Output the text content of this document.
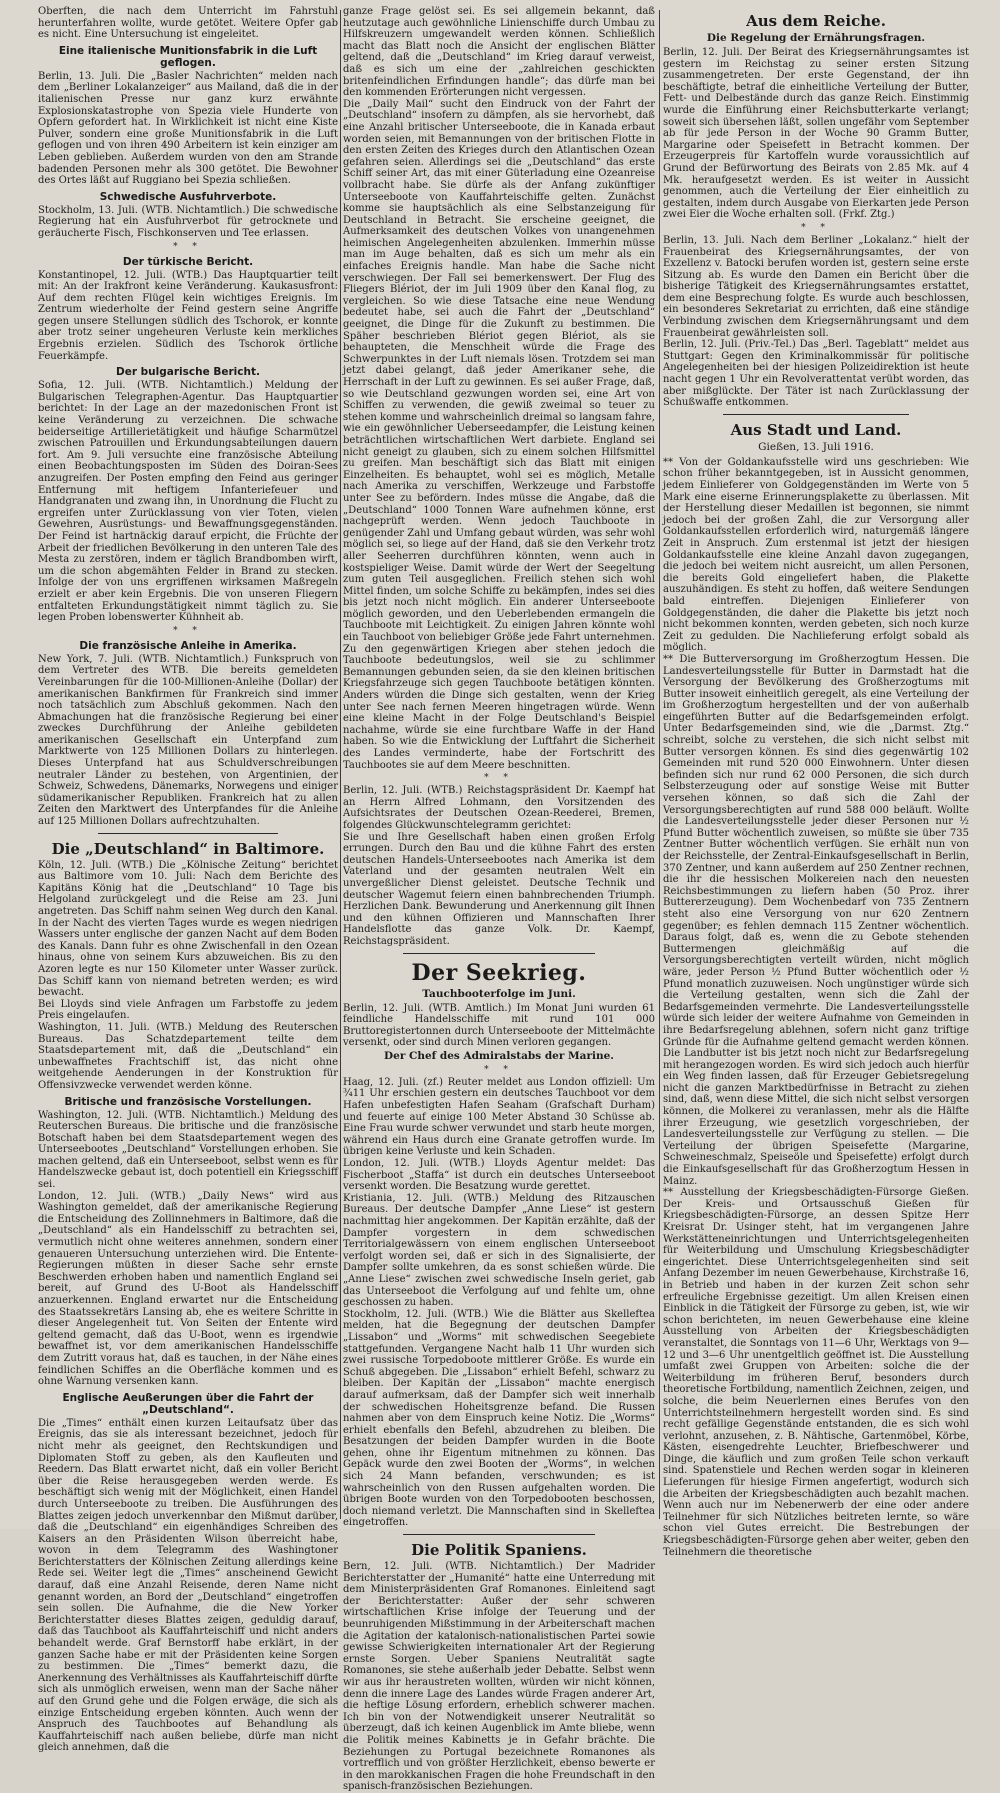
Oberften, die nach dem Unterricht im Fahrstuhl herunterfahren wollte, wurde getötet. Weitere Opfer gab es nicht. Eine Untersuchung ist eingeleitet.
Eine italienische Munitionsfabrik in die Luft geflogen.
Berlin, 13. Juli. Die „Basler Nachrichten“ melden nach dem „Berliner Lokalanzeiger“ aus Mailand, daß die in der italienischen Presse nur ganz kurz erwähnte Explosionskatastrophe von Spezia viele Hunderte von Opfern gefordert hat. In Wirklichkeit ist nicht eine Kiste Pulver, sondern eine große Munitionsfabrik in die Luft geflogen und von ihren 490 Arbeitern ist kein einziger am Leben geblieben. Außerdem wurden von den am Strande badenden Personen mehr als 300 getötet. Die Bewohner des Ortes läßt auf Ruggiano bei Spezia schließen.
Schwedische Ausfuhrverbote.
Stockholm, 13. Juli. (WTB. Nichtamtlich.) Die schwedische Regierung hat ein Ausfuhrverbot für getrocknete und geräucherte Fisch, Fischkonserven und Tee erlassen.
* *
Der türkische Bericht.
Konstantinopel, 12. Juli. (WTB.) Das Hauptquartier teilt mit: An der Irakfront keine Veränderung. Kaukasusfront: Auf dem rechten Flügel kein wichtiges Ereignis. Im Zentrum wiederholte der Feind gestern seine Angriffe gegen unsere Stellungen südlich des Tschorok, er konnte aber trotz seiner ungeheuren Verluste kein merkliches Ergebnis erzielen. Südlich des Tschorok örtliche Feuerkämpfe.
Der bulgarische Bericht.
Sofia, 12. Juli. (WTB. Nichtamtlich.) Meldung der Bulgarischen Telegraphen-Agentur. Das Hauptquartier berichtet: In der Lage an der mazedonischen Front ist keine Veränderung zu verzeichnen. Die schwache beiderseitige Artillerietätigkeit und häufige Scharmützel zwischen Patrouillen und Erkundungsabteilungen dauern fort. Am 9. Juli versuchte eine französische Abteilung einen Beobachtungsposten im Süden des Doiran-Sees anzugreifen. Der Posten empfing den Feind aus geringer Entfernung mit heftigem Infanteriefeuer und Handgranaten und zwang ihn, in Unordnung die Flucht zu ergreifen unter Zurücklassung von vier Toten, vielen Gewehren, Ausrüstungs- und Bewaffnungsgegenständen. Der Feind ist hartnäckig darauf erpicht, die Früchte der Arbeit der friedlichen Bevölkerung in den unteren Tale des Mesta zu zerstören, indem er täglich Brandbomben wirft, um die schon abgemähten Felder in Brand zu stecken. Infolge der von uns ergriffenen wirksamen Maßregeln erzielt er aber kein Ergebnis. Die von unseren Fliegern entfalteten Erkundungstätigkeit nimmt täglich zu. Sie legen Proben lobenswerter Kühnheit ab.
* *
Die französische Anleihe in Amerika.
New York, 7. Juli. (WTB. Nichtamtlich.) Funkspruch von dem Vertreter des WTB. Die bereits gemeldeten Vereinbarungen für die 100-Millionen-Anleihe (Dollar) der amerikanischen Bankfirmen für Frankreich sind immer noch tatsächlich zum Abschluß gekommen. Nach den Abmachungen hat die französische Regierung bei einer zweckes Durchführung der Anleihe gebildeten amerikanischen Gesellschaft ein Unterpfand zum Marktwerte von 125 Millionen Dollars zu hinterlegen. Dieses Unterpfand hat aus Schuldverschreibungen neutraler Länder zu bestehen, von Argentinien, der Schweiz, Schwedens, Dänemarks, Norwegens und einiger südamerikanischer Republiken. Frankreich hat zu allen Zeiten den Marktwert des Unterpfandes für die Anleihe auf 125 Millionen Dollars aufrechtzuhalten.
Die „Deutschland“ in Baltimore.
Köln, 12. Juli. (WTB.) Die „Kölnische Zeitung“ berichtet aus Baltimore vom 10. Juli: Nach dem Berichte des Kapitäns König hat die „Deutschland“ 10 Tage bis Helgoland zurückgelegt und die Reise am 23. Juni angetreten. Das Schiff nahm seinen Weg durch den Kanal. In der Nacht des vierten Tages wurde es wegen niedrigen Wassers unter englische der ganzen Nacht auf dem Boden des Kanals. Dann fuhr es ohne Zwischenfall in den Ozean hinaus, ohne von seinem Kurs abzuweichen. Bis zu den Azoren legte es nur 150 Kilometer unter Wasser zurück. Das Schiff kann von niemand betreten werden; es wird bewacht.
Bei Lloyds sind viele Anfragen um Farbstoffe zu jedem Preis eingelaufen.
Washington, 11. Juli. (WTB.) Meldung des Reuterschen Bureaus. Das Schatzdepartement teilte dem Staatsdepartement mit, daß die „Deutschland“ ein unbewaffnetes Frachtschiff ist, das nicht ohne weitgehende Aenderungen in der Konstruktion für Offensivzwecke verwendet werden könne.
Britische und französische Vorstellungen.
Washington, 12. Juli. (WTB. Nichtamtlich.) Meldung des Reuterschen Bureaus. Die britische und die französische Botschaft haben bei dem Staatsdepartement wegen des Unterseebootes „Deutschland“ Vorstellungen erhoben. Sie machen geltend, daß ein Unterseeboot, selbst wenn es für Handelszwecke gebaut ist, doch potentiell ein Kriegsschiff sei.
London, 12. Juli. (WTB.) „Daily News“ wird aus Washington gemeldet, daß der amerikanische Regierung die Entscheidung des Zollinnehmers in Baltimore, daß die „Deutschland“ als ein Handelsschiff zu betrachten sei, vermutlich nicht ohne weiteres annehmen, sondern einer genaueren Untersuchung unterziehen wird. Die Entente-Regierungen müßten in dieser Sache sehr ernste Beschwerden erhoben haben und namentlich England sei bereit, auf Grund des U-Boot als Handelsschiff anzuerkennen. England erwartet nur die Entscheidung des Staatssekretärs Lansing ab, ehe es weitere Schritte in dieser Angelegenheit tut. Von Seiten der Entente wird geltend gemacht, daß das U-Boot, wenn es irgendwie bewaffnet ist, vor dem amerikanischen Handelsschiffe dem Zutritt voraus hat, daß es tauchen, in der Nähe eines feindlichen Schiffes an die Oberfläche kommen und es ohne Warnung versenken kann.
Englische Aeußerungen über die Fahrt der „Deutschland“.
Die „Times“ enthält einen kurzen Leitaufsatz über das Ereignis, das sie als interessant bezeichnet, jedoch für nicht mehr als geeignet, den Rechtskundigen und Diplomaten Stoff zu geben, als den Kaufleuten und Reedern. Das Blatt erwartet nicht, daß ein voller Bericht über die Reise herausgegeben werden werde. Es beschäftigt sich wenig mit der Möglichkeit, einen Handel durch Unterseeboote zu treiben. Die Ausführungen des Blattes zeigen jedoch unverkennbar den Mißmut darüber, daß die „Deutschland“ ein eigenhändiges Schreiben des Kaisers an den Präsidenten Wilson überreicht habe, wovon in dem Telegramm des Washingtoner Berichterstatters der Kölnischen Zeitung allerdings keine Rede sei. Weiter legt die „Times“ anscheinend Gewicht darauf, daß eine Anzahl Reisende, deren Name nicht genannt worden, an Bord der „Deutschland“ eingetroffen sein sollen. Die Aufnahme, die die New Yorker Berichterstatter dieses Blattes zeigen, geduldig darauf, daß das Tauchboot als Kauffahrteischiff und nicht anders behandelt werde. Graf Bernstorff habe erklärt, in der ganzen Sache habe er mit der Präsidenten keine Sorgen zu bestimmen. Die „Times“ bemerkt dazu, die Anerkennung des Verhältnisses als Kauffahrteischiff dürfte sich als unmöglich erweisen, wenn man der Sache näher auf den Grund gehe und die Folgen erwäge, die sich als einzige Entscheidung ergeben könnten. Auch wenn der Anspruch des Tauchbootes auf Behandlung als Kauffahrteischiff nach außen beliebe, dürfe man nicht gleich annehmen, daß die
ganze Frage gelöst sei. Es sei allgemein bekannt, daß heutzutage auch gewöhnliche Linienschiffe durch Umbau zu Hilfskreuzern umgewandelt werden können. Schließlich macht das Blatt noch die Ansicht der englischen Blätter geltend, daß die „Deutschland“ im Krieg darauf verweist, daß es sich um eine der „zahlreichen geschickten britenfeindlichen Erfindungen handle“; das dürfe man bei den kommenden Erörterungen nicht vergessen.
Die „Daily Mail“ sucht den Eindruck von der Fahrt der „Deutschland“ insofern zu dämpfen, als sie hervorhebt, daß eine Anzahl britischer Unterseeboote, die in Kanada erbaut worden seien, mit Bemannungen von der britischen Flotte in den ersten Zeiten des Krieges durch den Atlantischen Ozean gefahren seien. Allerdings sei die „Deutschland“ das erste Schiff seiner Art, das mit einer Güterladung eine Ozeanreise vollbracht habe. Sie dürfe als der Anfang zukünftiger Unterseeboote von Kauffahrteischiffe gelten. Zunächst komme sie hauptsächlich als eine Selbstanzeigung für Deutschland in Betracht. Sie erscheine geeignet, die Aufmerksamkeit des deutschen Volkes von unangenehmen heimischen Angelegenheiten abzulenken. Immerhin müsse man im Auge behalten, daß es sich um mehr als ein einfaches Ereignis handle. Man habe die Sache nicht verschwiegen. Der Fall sei bemerkenswert. Der Flug des Fliegers Blériot, der im Juli 1909 über den Kanal flog, zu vergleichen. So wie diese Tatsache eine neue Wendung bedeutet habe, sei auch die Fahrt der „Deutschland“ geeignet, die Dinge für die Zukunft zu bestimmen. Die Späher beschrieben Blériot gegen Blériot, als sie behaupteten, die Menschheit würde die Frage des Schwerpunktes in der Luft niemals lösen. Trotzdem sei man jetzt dabei gelangt, daß jeder Amerikaner sehe, die Herrschaft in der Luft zu gewinnen. Es sei außer Frage, daß, so wie Deutschland gezwungen worden sei, eine Art von Schiffen zu verwenden, die gewiß zweimal so teuer zu stehen komme und wahrscheinlich dreimal so langsam fahre, wie ein gewöhnlicher Ueberseedampfer, die Leistung keinen beträchtlichen wirtschaftlichen Wert darbiete. England sei nicht geneigt zu glauben, sich zu einem solchen Hilfsmittel zu greifen. Man beschäftigt sich das Blatt mit einigen Einzelheiten. Es behauptet, wohl sei es möglich, Metalle nach Amerika zu verschiffen, Werkzeuge und Farbstoffe unter See zu befördern. Indes müsse die Angabe, daß die „Deutschland“ 1000 Tonnen Ware aufnehmen könne, erst nachgeprüft werden. Wenn jedoch Tauchboote in genügender Zahl und Umfang gebaut würden, was sehr wohl möglich sei, so liege auf der Hand, daß sie den Verkehr trotz aller Seeherren durchführen könnten, wenn auch in kostspieliger Weise. Damit würde der Wert der Seegeltung zum guten Teil ausgeglichen. Freilich stehen sich wohl Mittel finden, um solche Schiffe zu bekämpfen, indes sei dies bis jetzt noch nicht möglich. Ein anderer Unterseeboote möglich geworden, und den Ueberlebenden ermangeln die Tauchboote mit Leichtigkeit. Zu einigen Jahren könnte wohl ein Tauchboot von beliebiger Größe jede Fahrt unternehmen. Zu den gegenwärtigen Kriegen aber stehen jedoch die Tauchboote bedeutungslos, weil sie zu schlimmer Bemannungen gebunden seien, da sie den kleinen britischen Kriegsfahrzeuge sich gegen Tauchboote betätigen könnten. Anders würden die Dinge sich gestalten, wenn der Krieg unter See nach fernen Meeren hingetragen würde. Wenn eine kleine Macht in der Folge Deutschland's Beispiel nachahme, würde sie eine furchtbare Waffe in der Hand haben. So wie die Entwicklung der Luftfahrt die Sicherheit des Landes verminderte, habe der Fortschritt des Tauchbootes sie auf dem Meere beschnitten.
* *
Berlin, 12. Juli. (WTB.) Reichstagspräsident Dr. Kaempf hat an Herrn Alfred Lohmann, den Vorsitzenden des Aufsichtsrates der Deutschen Ozean-Reederei, Bremen, folgendes Glückwunschtelegramm gerichtet:
Sie und Ihre Gesellschaft haben einen großen Erfolg errungen. Durch den Bau und die kühne Fahrt des ersten deutschen Handels-Unterseebootes nach Amerika ist dem Vaterland und der gesamten neutralen Welt ein unvergeßlicher Dienst geleistet. Deutsche Technik und deutscher Wagemut feiern einen bahnbrechenden Triumph. Herzlichen Dank. Bewunderung und Anerkennung gilt Ihnen und den kühnen Offizieren und Mannschaften Ihrer Handelsflotte das ganze Volk. Dr. Kaempf, Reichstagspräsident.
Der Seekrieg.
Tauchbooterfolge im Juni.
Berlin, 12. Juli. (WTB. Amtlich.) Im Monat Juni wurden 61 feindliche Handelsschiffe mit rund 101 000 Bruttoregistertonnen durch Unterseeboote der Mittelmächte versenkt, oder sind durch Minen verloren gegangen.
Der Chef des Admiralstabs der Marine.
* *
Haag, 12. Juli. (zf.) Reuter meldet aus London offiziell: Um ¾11 Uhr erschien gestern ein deutsches Tauchboot vor dem Hafen unbefestigten Hafen Seaham (Grafschaft Durham) und feuerte auf einige 100 Meter Abstand 30 Schüsse ab. Eine Frau wurde schwer verwundet und starb heute morgen, während ein Haus durch eine Granate getroffen wurde. Im übrigen keine Verluste und kein Schaden.
London, 12. Juli. (WTB.) Lloyds Agentur meldet: Das Fischerboot „Staffa“ ist durch ein deutsches Unterseeboot versenkt worden. Die Besatzung wurde gerettet.
Kristiania, 12. Juli. (WTB.) Meldung des Ritzauschen Bureaus. Der deutsche Dampfer „Anne Liese“ ist gestern nachmittag hier angekommen. Der Kapitän erzählte, daß der Dampfer vorgestern in dem schwedischen Territorialgewässern von einem englischen Unterseeboot verfolgt worden sei, daß er sich in des Signalisierte, der Dampfer sollte umkehren, da es sonst schießen würde. Die „Anne Liese“ zwischen zwei schwedische Inseln geriet, gab das Unterseeboot die Verfolgung auf und fehlte um, ohne geschossen zu haben.
Stockholm, 12. Juli. (WTB.) Wie die Blätter aus Skelleftea melden, hat die Begegnung der deutschen Dampfer „Lissabon“ und „Worms“ mit schwedischen Seegebiete stattgefunden. Vergangene Nacht halb 11 Uhr wurden sich zwei russische Torpedoboote mittlerer Größe. Es wurde ein Schuß abgegeben. Die „Lissabon“ erhielt Befehl, schwarz zu bleiben. Der Kapitän der „Lissabon“ machte energisch darauf aufmerksam, daß der Dampfer sich weit innerhalb der schwedischen Hoheitsgrenze befand. Die Russen nahmen aber von dem Einspruch keine Notiz. Die „Worms“ erhielt ebenfalls den Befehl, abzudrehen zu bleiben. Die Besatzungen der beiden Dampfer wurden in die Boote gehen, ohne ihr Eigentum mitnehmen zu können. Das Gepäck wurde den zwei Booten der „Worms“, in welchen sich 24 Mann befanden, verschwunden; es ist wahrscheinlich von den Russen aufgehalten worden. Die übrigen Boote wurden von den Torpedobooten beschossen, doch niemand verletzt. Die Mannschaften sind in Skelleftea eingetroffen.
Die Politik Spaniens.
Bern, 12. Juli. (WTB. Nichtamtlich.) Der Madrider Berichterstatter der „Humanité“ hatte eine Unterredung mit dem Ministerpräsidenten Graf Romanones. Einleitend sagt der Berichterstatter: Außer der sehr schweren wirtschaftlichen Krise infolge der Teuerung und der beunruhigenden Mißstimmung in der Arbeiterschaft machen die Agitation der katalonisch-nationalistischen Partei sowie gewisse Schwierigkeiten internationaler Art der Regierung ernste Sorgen. Ueber Spaniens Neutralität sagte Romanones, sie stehe außerhalb jeder Debatte. Selbst wenn wir aus ihr heraustreten wollten, würden wir nicht können, denn die innere Lage des Landes würde Fragen anderer Art, die heftige Lösung erfordern, erheblich schwerer machen. Ich bin von der Notwendigkeit unserer Neutralität so überzeugt, daß ich keinen Augenblick im Amte bliebe, wenn die Politik meines Kabinetts je in Gefahr brächte. Die Beziehungen zu Portugal bezeichnete Romanones als vortrefflich und von größter Herzlichkeit, ebenso bewerte er in den marokkanischen Fragen die hohe Freundschaft in den spanisch-französischen Beziehungen.
Aus dem Reiche.
Die Regelung der Ernährungsfragen.
Berlin, 12. Juli. Der Beirat des Kriegsernährungsamtes ist gestern im Reichstag zu seiner ersten Sitzung zusammengetreten. Der erste Gegenstand, der ihn beschäftigte, betraf die einheitliche Verteilung der Butter, Fett- und Delbestände durch das ganze Reich. Einstimmig wurde die Einführung einer Reichsbutterkarte verlangt; soweit sich übersehen läßt, sollen ungefähr vom September ab für jede Person in der Woche 90 Gramm Butter, Margarine oder Speisefett in Betracht kommen. Der Erzeugerpreis für Kartoffeln wurde voraussichtlich auf Grund der Befürwortung des Beirats von 2.85 Mk. auf 4 Mk. heraufgesetzt werden. Es ist weiter in Aussicht genommen, auch die Verteilung der Eier einheitlich zu gestalten, indem durch Ausgabe von Eierkarten jede Person zwei Eier die Woche erhalten soll. (Frkf. Ztg.)
* *
Berlin, 13. Juli. Nach dem Berliner „Lokalanz.“ hielt der Frauenbeirat des Kriegsernährungsamtes, der von Exzellenz v. Batocki berufen worden ist, gestern seine erste Sitzung ab. Es wurde den Damen ein Bericht über die bisherige Tätigkeit des Kriegsernährungsamtes erstattet, dem eine Besprechung folgte. Es wurde auch beschlossen, ein besonderes Sekretariat zu errichten, daß eine ständige Verbindung zwischen dem Kriegsernährungsamt und dem Frauenbeirat gewährleisten soll.
Berlin, 12. Juli. (Priv.-Tel.) Das „Berl. Tageblatt“ meldet aus Stuttgart: Gegen den Kriminalkommissär für politische Angelegenheiten bei der hiesigen Polizeidirektion ist heute nacht gegen 1 Uhr ein Revolverattentat verübt worden, das aber mißglückte. Der Täter ist nach Zurücklassung der Schußwaffe entkommen.
Aus Stadt und Land.
Gießen, 13. Juli 1916.
** Von der Goldankaufsstelle wird uns geschrieben: Wie schon früher bekanntgegeben, ist in Aussicht genommen, jedem Einlieferer von Goldgegenständen im Werte von 5 Mark eine eiserne Erinnerungsplakette zu überlassen. Mit der Herstellung dieser Medaillen ist begonnen, sie nimmt jedoch bei der großen Zahl, die zur Versorgung aller Goldankaufsstellen erforderlich wird, naturgemäß längere Zeit in Anspruch. Zum erstenmal ist jetzt der hiesigen Goldankaufsstelle eine kleine Anzahl davon zugegangen, die jedoch bei weitem nicht ausreicht, um allen Personen, die bereits Gold eingeliefert haben, die Plakette auszuhändigen. Es steht zu hoffen, daß weitere Sendungen bald eintreffen. Diejenigen Einlieferer von Goldgegenständen, die daher die Plakette bis jetzt noch nicht bekommen konnten, werden gebeten, sich noch kurze Zeit zu gedulden. Die Nachlieferung erfolgt sobald als möglich.
** Die Butterversorgung im Großherzogtum Hessen. Die Landesverteilungsstelle für Butter in Darmstadt hat die Versorgung der Bevölkerung des Großherzogtums mit Butter insoweit einheitlich geregelt, als eine Verteilung der im Großherzogtum hergestellten und der von außerhalb eingeführten Butter auf die Bedarfsgemeinden erfolgt. Unter Bedarfsgemeinden sind, wie die „Darmst. Ztg.“ schreibt, solche zu verstehen, die sich nicht selbst mit Butter versorgen können. Es sind dies gegenwärtig 102 Gemeinden mit rund 520 000 Einwohnern. Unter diesen befinden sich nur rund 62 000 Personen, die sich durch Selbsterzeugung oder auf sonstige Weise mit Butter versehen können, so daß sich die Zahl der Versorgungsberechtigten auf rund 588 000 beläuft. Wollte die Landesverteilungsstelle jeder dieser Personen nur ½ Pfund Butter wöchentlich zuweisen, so müßte sie über 735 Zentner Butter wöchentlich verfügen. Sie erhält nun von der Reichsstelle, der Zentral-Einkaufsgesellschaft in Berlin, 370 Zentner, und kann außerdem auf 250 Zentner rechnen, die ihr die hessischen Molkereien nach den neuesten Reichsbestimmungen zu liefern haben (50 Proz. ihrer Buttererzeugung). Dem Wochenbedarf von 735 Zentnern steht also eine Versorgung von nur 620 Zentnern gegenüber; es fehlen demnach 115 Zentner wöchentlich. Daraus folgt, daß es, wenn die zu Gebote stehenden Buttermengen gleichmäßig auf die Versorgungsberechtigten verteilt würden, nicht möglich wäre, jeder Person ½ Pfund Butter wöchentlich oder ½ Pfund monatlich zuzuweisen. Noch ungünstiger würde sich die Verteilung gestalten, wenn sich die Zahl der Bedarfsgemeinden vermehrte. Die Landesverteilungsstelle würde sich leider der weitere Aufnahme von Gemeinden in ihre Bedarfsregelung ablehnen, sofern nicht ganz triftige Gründe für die Aufnahme geltend gemacht werden können. Die Landbutter ist bis jetzt noch nicht zur Bedarfsregelung mit herangezogen worden. Es wird sich jedoch auch hierfür ein Weg finden lassen, daß für Erzeuger Gebietsregelung nicht die ganzen Marktbedürfnisse in Betracht zu ziehen sind, daß, wenn diese Mittel, die sich nicht selbst versorgen können, die Molkerei zu veranlassen, mehr als die Hälfte ihrer Erzeugung, wie gesetzlich vorgeschrieben, der Landesverteilungsstelle zur Verfügung zu stellen. — Die Verteilung der übrigen Speisefette (Margarine, Schweineschmalz, Speiseöle und Speisefette) erfolgt durch die Einkaufsgesellschaft für das Großherzogtum Hessen in Mainz.
** Ausstellung der Kriegsbeschädigten-Fürsorge Gießen. Der Kreis- und Ortsausschuß Gießen für Kriegsbeschädigten-Fürsorge, an dessen Spitze Herr Kreisrat Dr. Usinger steht, hat im vergangenen Jahre Werkstätteneinrichtungen und Unterrichtsgelegenheiten für Weiterbildung und Umschulung Kriegsbeschädigter eingerichtet. Diese Unterrichtsgelegenheiten sind seit Anfang Dezember im neuen Gewerbehause, Kirchstraße 16, in Betrieb und haben in der kurzen Zeit schon sehr erfreuliche Ergebnisse gezeitigt. Um allen Kreisen einen Einblick in die Tätigkeit der Fürsorge zu geben, ist, wie wir schon berichteten, im neuen Gewerbehause eine kleine Ausstellung von Arbeiten der Kriegsbeschädigten veranstaltet, die Sonntags von 11—6 Uhr, Werktags von 9—12 und 3—6 Uhr unentgeltlich geöffnet ist. Die Ausstellung umfaßt zwei Gruppen von Arbeiten: solche die der Weiterbildung im früheren Beruf, besonders durch theoretische Fortbildung, namentlich Zeichnen, zeigen, und solche, die beim Neuerlernen eines Berufes von den Unterrichtsteilnehmern hergestellt worden sind. Es sind recht gefällige Gegenstände entstanden, die es sich wohl verlohnt, anzusehen, z. B. Nähtische, Gartenmöbel, Körbe, Kästen, eisengedrehte Leuchter, Briefbeschwerer und Dinge, die käuflich und zum großen Teile schon verkauft sind. Spatenstiele und Rechen werden sogar in kleineren Lieferungen für hiesige Firmen angefertigt, wodurch sich die Arbeiten der Kriegsbeschädigten auch bezahlt machen. Wenn auch nur im Nebenerwerb der eine oder andere Teilnehmer für sich Nützliches beitreten lernte, so wäre schon viel Gutes erreicht. Die Bestrebungen der Kriegsbeschädigten-Fürsorge gehen aber weiter, geben den Teilnehmern die theoretische
